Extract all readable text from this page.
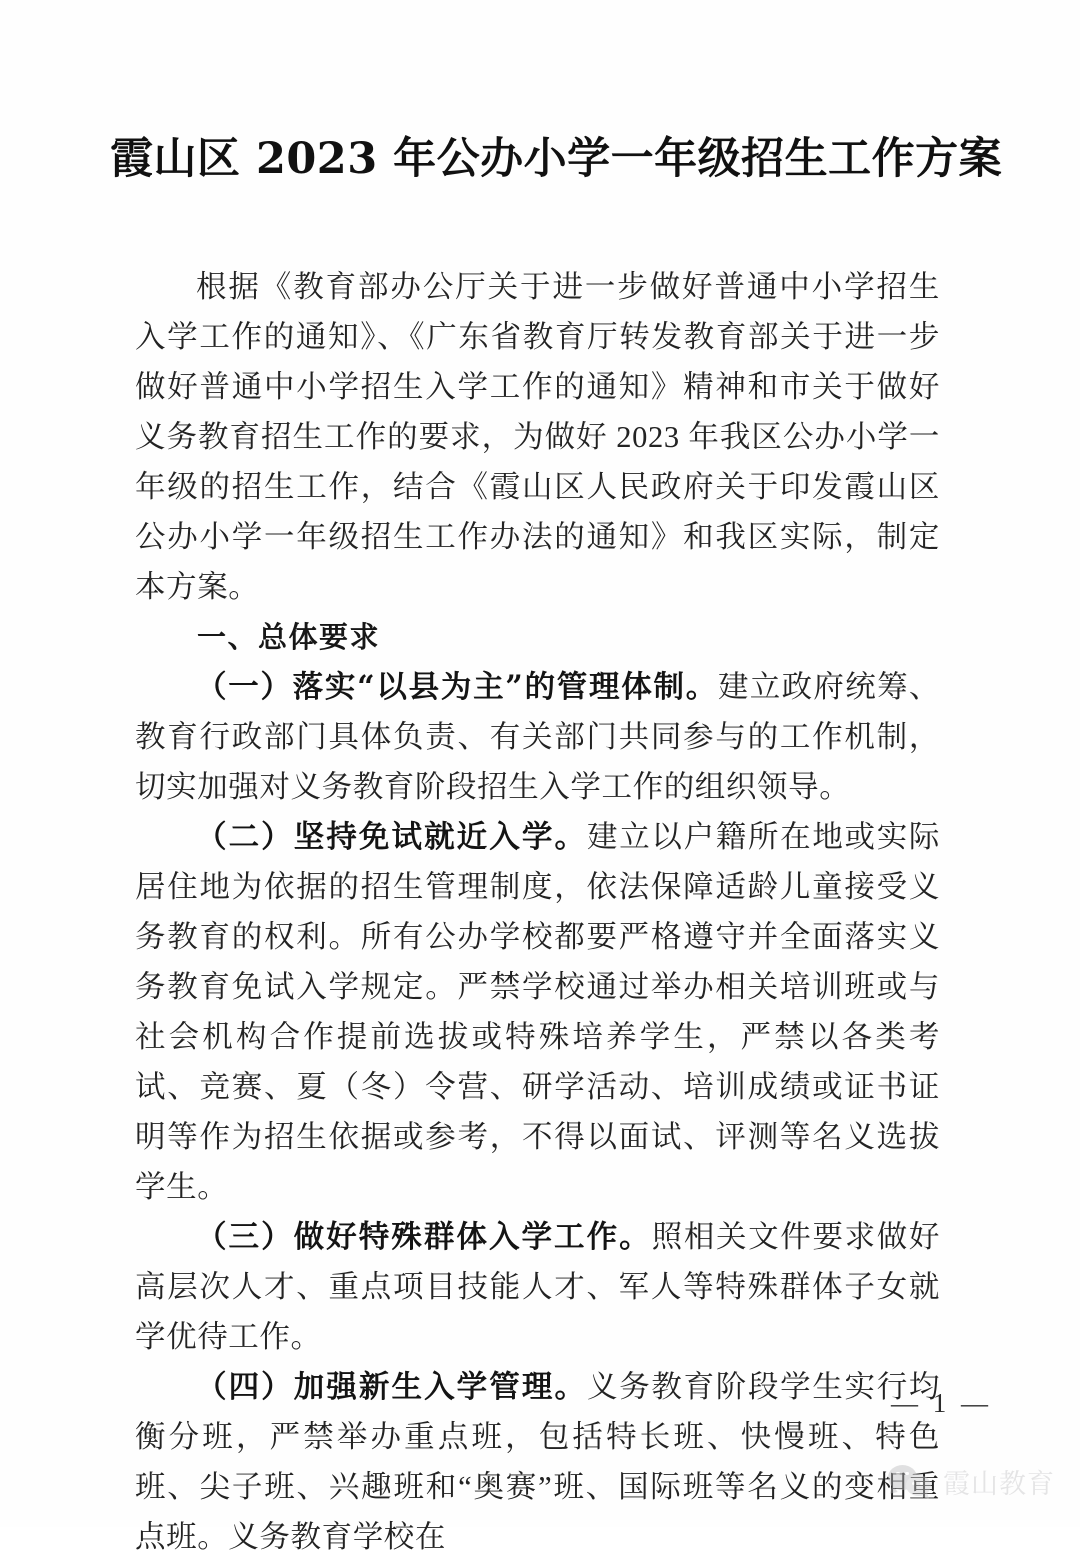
霞山区 2023 年公办小学一年级招生工作方案

根据《教育部办公厅关于进一步做好普通中小学招生入学工作的通知》、《广东省教育厅转发教育部关于进一步做好普通中小学招生入学工作的通知》精神和市关于做好义务教育招生工作的要求，为做好 2023 年我区公办小学一年级的招生工作，结合《霞山区人民政府关于印发霞山区公办小学一年级招生工作办法的通知》和我区实际，制定本方案。

一、总体要求

（一）落实“以县为主”的管理体制。建立政府统筹、教育行政部门具体负责、有关部门共同参与的工作机制，切实加强对义务教育阶段招生入学工作的组织领导。

（二）坚持免试就近入学。建立以户籍所在地或实际居住地为依据的招生管理制度，依法保障适龄儿童接受义务教育的权利。所有公办学校都要严格遵守并全面落实义务教育免试入学规定。严禁学校通过举办相关培训班或与社会机构合作提前选拔或特殊培养学生，严禁以各类考试、竞赛、夏（冬）令营、研学活动、培训成绩或证书证明等作为招生依据或参考，不得以面试、评测等名义选拔学生。

（三）做好特殊群体入学工作。照相关文件要求做好高层次人才、重点项目技能人才、军人等特殊群体子女就学优待工作。

（四）加强新生入学管理。义务教育阶段学生实行均衡分班，严禁举办重点班，包括特长班、快慢班、特色班、尖子班、兴趣班和“奥赛”班、国际班等名义的变相重点班。义务教育学校在

— 1 —
霞山教育
